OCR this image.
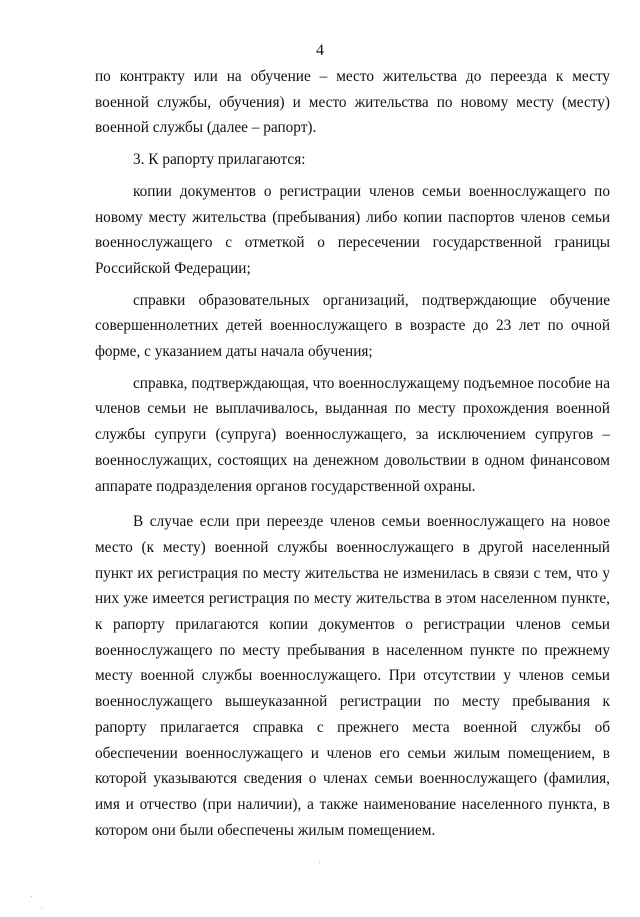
4

по контракту или на обучение – место жительства до переезда к месту военной службы, обучения) и место жительства по новому месту (месту) военной службы (далее – рапорт).

3. К рапорту прилагаются:

копии документов о регистрации членов семьи военнослужащего по новому месту жительства (пребывания) либо копии паспортов членов семьи военнослужащего с отметкой о пересечении государственной границы Российской Федерации;

справки образовательных организаций, подтверждающие обучение совершеннолетних детей военнослужащего в возрасте до 23 лет по очной форме, с указанием даты начала обучения;

справка, подтверждающая, что военнослужащему подъемное пособие на членов семьи не выплачивалось, выданная по месту прохождения военной службы супруги (супруга) военнослужащего, за исключением супругов – военнослужащих, состоящих на денежном довольствии в одном финансовом аппарате подразделения органов государственной охраны.

В случае если при переезде членов семьи военнослужащего на новое место (к месту) военной службы военнослужащего в другой населенный пункт их регистрация по месту жительства не изменилась в связи с тем, что у них уже имеется регистрация по месту жительства в этом населенном пункте, к рапорту прилагаются копии документов о регистрации членов семьи военнослужащего по месту пребывания в населенном пункте по прежнему месту военной службы военнослужащего. При отсутствии у членов семьи военнослужащего вышеуказанной регистрации по месту пребывания к рапорту прилагается справка с прежнего места военной службы об обеспечении военнослужащего и членов его семьи жилым помещением, в которой указываются сведения о членах семьи военнослужащего (фамилия, имя и отчество (при наличии), а также наименование населенного пункта, в котором они были обеспечены жилым помещением.

·
·
·
